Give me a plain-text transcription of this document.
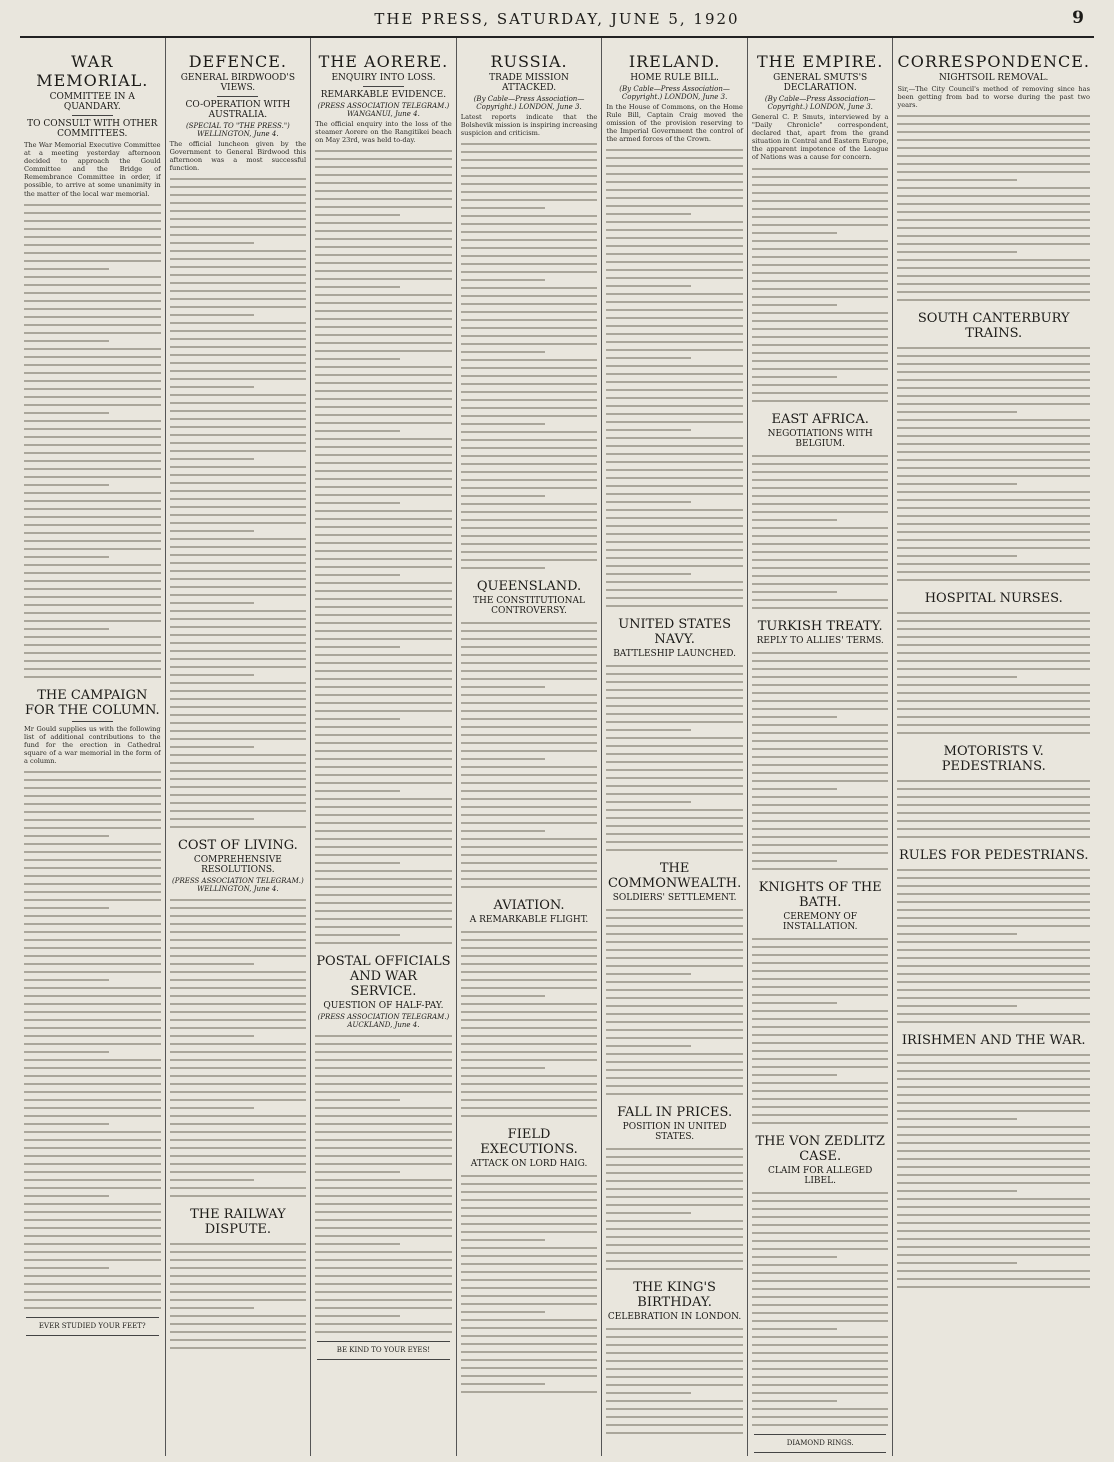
THE PRESS, SATURDAY, JUNE 5, 1920	9
WAR MEMORIAL.
COMMITTEE IN A QUANDARY.
TO CONSULT WITH OTHER COMMITTEES.

The War Memorial Executive Committee at a meeting yesterday afternoon decided to approach the Gould Committee and the Bridge of Remembrance Committee in order, if possible, to arrive at some unanimity in the matter of the local war memorial.

THE CAMPAIGN FOR THE COLUMN.

Mr Gould supplies us with the following list of additional contributions to the fund for the erection in Cathedral square of a war memorial in the form of a column.

EVER STUDIED YOUR FEET?
DEFENCE.
GENERAL BIRDWOOD'S VIEWS.
CO-OPERATION WITH AUSTRALIA.
(SPECIAL TO "THE PRESS.") WELLINGTON, June 4.

The official luncheon given by the Government to General Birdwood this afternoon was a most successful function.

COST OF LIVING.
COMPREHENSIVE RESOLUTIONS.
(PRESS ASSOCIATION TELEGRAM.) WELLINGTON, June 4.
THE RAILWAY DISPUTE.
THE AORERE.
ENQUIRY INTO LOSS.
REMARKABLE EVIDENCE.
(PRESS ASSOCIATION TELEGRAM.) WANGANUI, June 4.

The official enquiry into the loss of the steamer Aorere on the Rangitikei beach on May 23rd, was held to-day.

POSTAL OFFICIALS AND WAR SERVICE.
QUESTION OF HALF-PAY.
(PRESS ASSOCIATION TELEGRAM.) AUCKLAND, June 4.
BE KIND TO YOUR EYES!
RUSSIA.
TRADE MISSION ATTACKED.
(By Cable—Press Association—Copyright.) LONDON, June 3.

Latest reports indicate that the Bolshevik mission is inspiring increasing suspicion and criticism.

QUEENSLAND.
THE CONSTITUTIONAL CONTROVERSY.
AVIATION.
A REMARKABLE FLIGHT.
FIELD EXECUTIONS.
ATTACK ON LORD HAIG.
IRELAND.
HOME RULE BILL.
(By Cable—Press Association—Copyright.) LONDON, June 3.

In the House of Commons, on the Home Rule Bill, Captain Craig moved the omission of the provision reserving to the Imperial Government the control of the armed forces of the Crown.

UNITED STATES NAVY.
BATTLESHIP LAUNCHED.
THE COMMONWEALTH.
SOLDIERS' SETTLEMENT.
FALL IN PRICES.
POSITION IN UNITED STATES.
THE KING'S BIRTHDAY.
CELEBRATION IN LONDON.
THE EMPIRE.
GENERAL SMUTS'S DECLARATION.
(By Cable—Press Association—Copyright.) LONDON, June 3.

General C. P. Smuts, interviewed by a "Daily Chronicle" correspondent, declared that, apart from the grand situation in Central and Eastern Europe, the apparent impotence of the League of Nations was a cause for concern.

EAST AFRICA.
NEGOTIATIONS WITH BELGIUM.
TURKISH TREATY.
REPLY TO ALLIES' TERMS.
KNIGHTS OF THE BATH.
CEREMONY OF INSTALLATION.
THE VON ZEDLITZ CASE.
CLAIM FOR ALLEGED LIBEL.
DIAMOND RINGS.
CORRESPONDENCE.
NIGHTSOIL REMOVAL.

Sir,—The City Council's method of removing since has been getting from bad to worse during the past two years.

SOUTH CANTERBURY TRAINS.
HOSPITAL NURSES.
MOTORISTS V. PEDESTRIANS.
RULES FOR PEDESTRIANS.
IRISHMEN AND THE WAR.
